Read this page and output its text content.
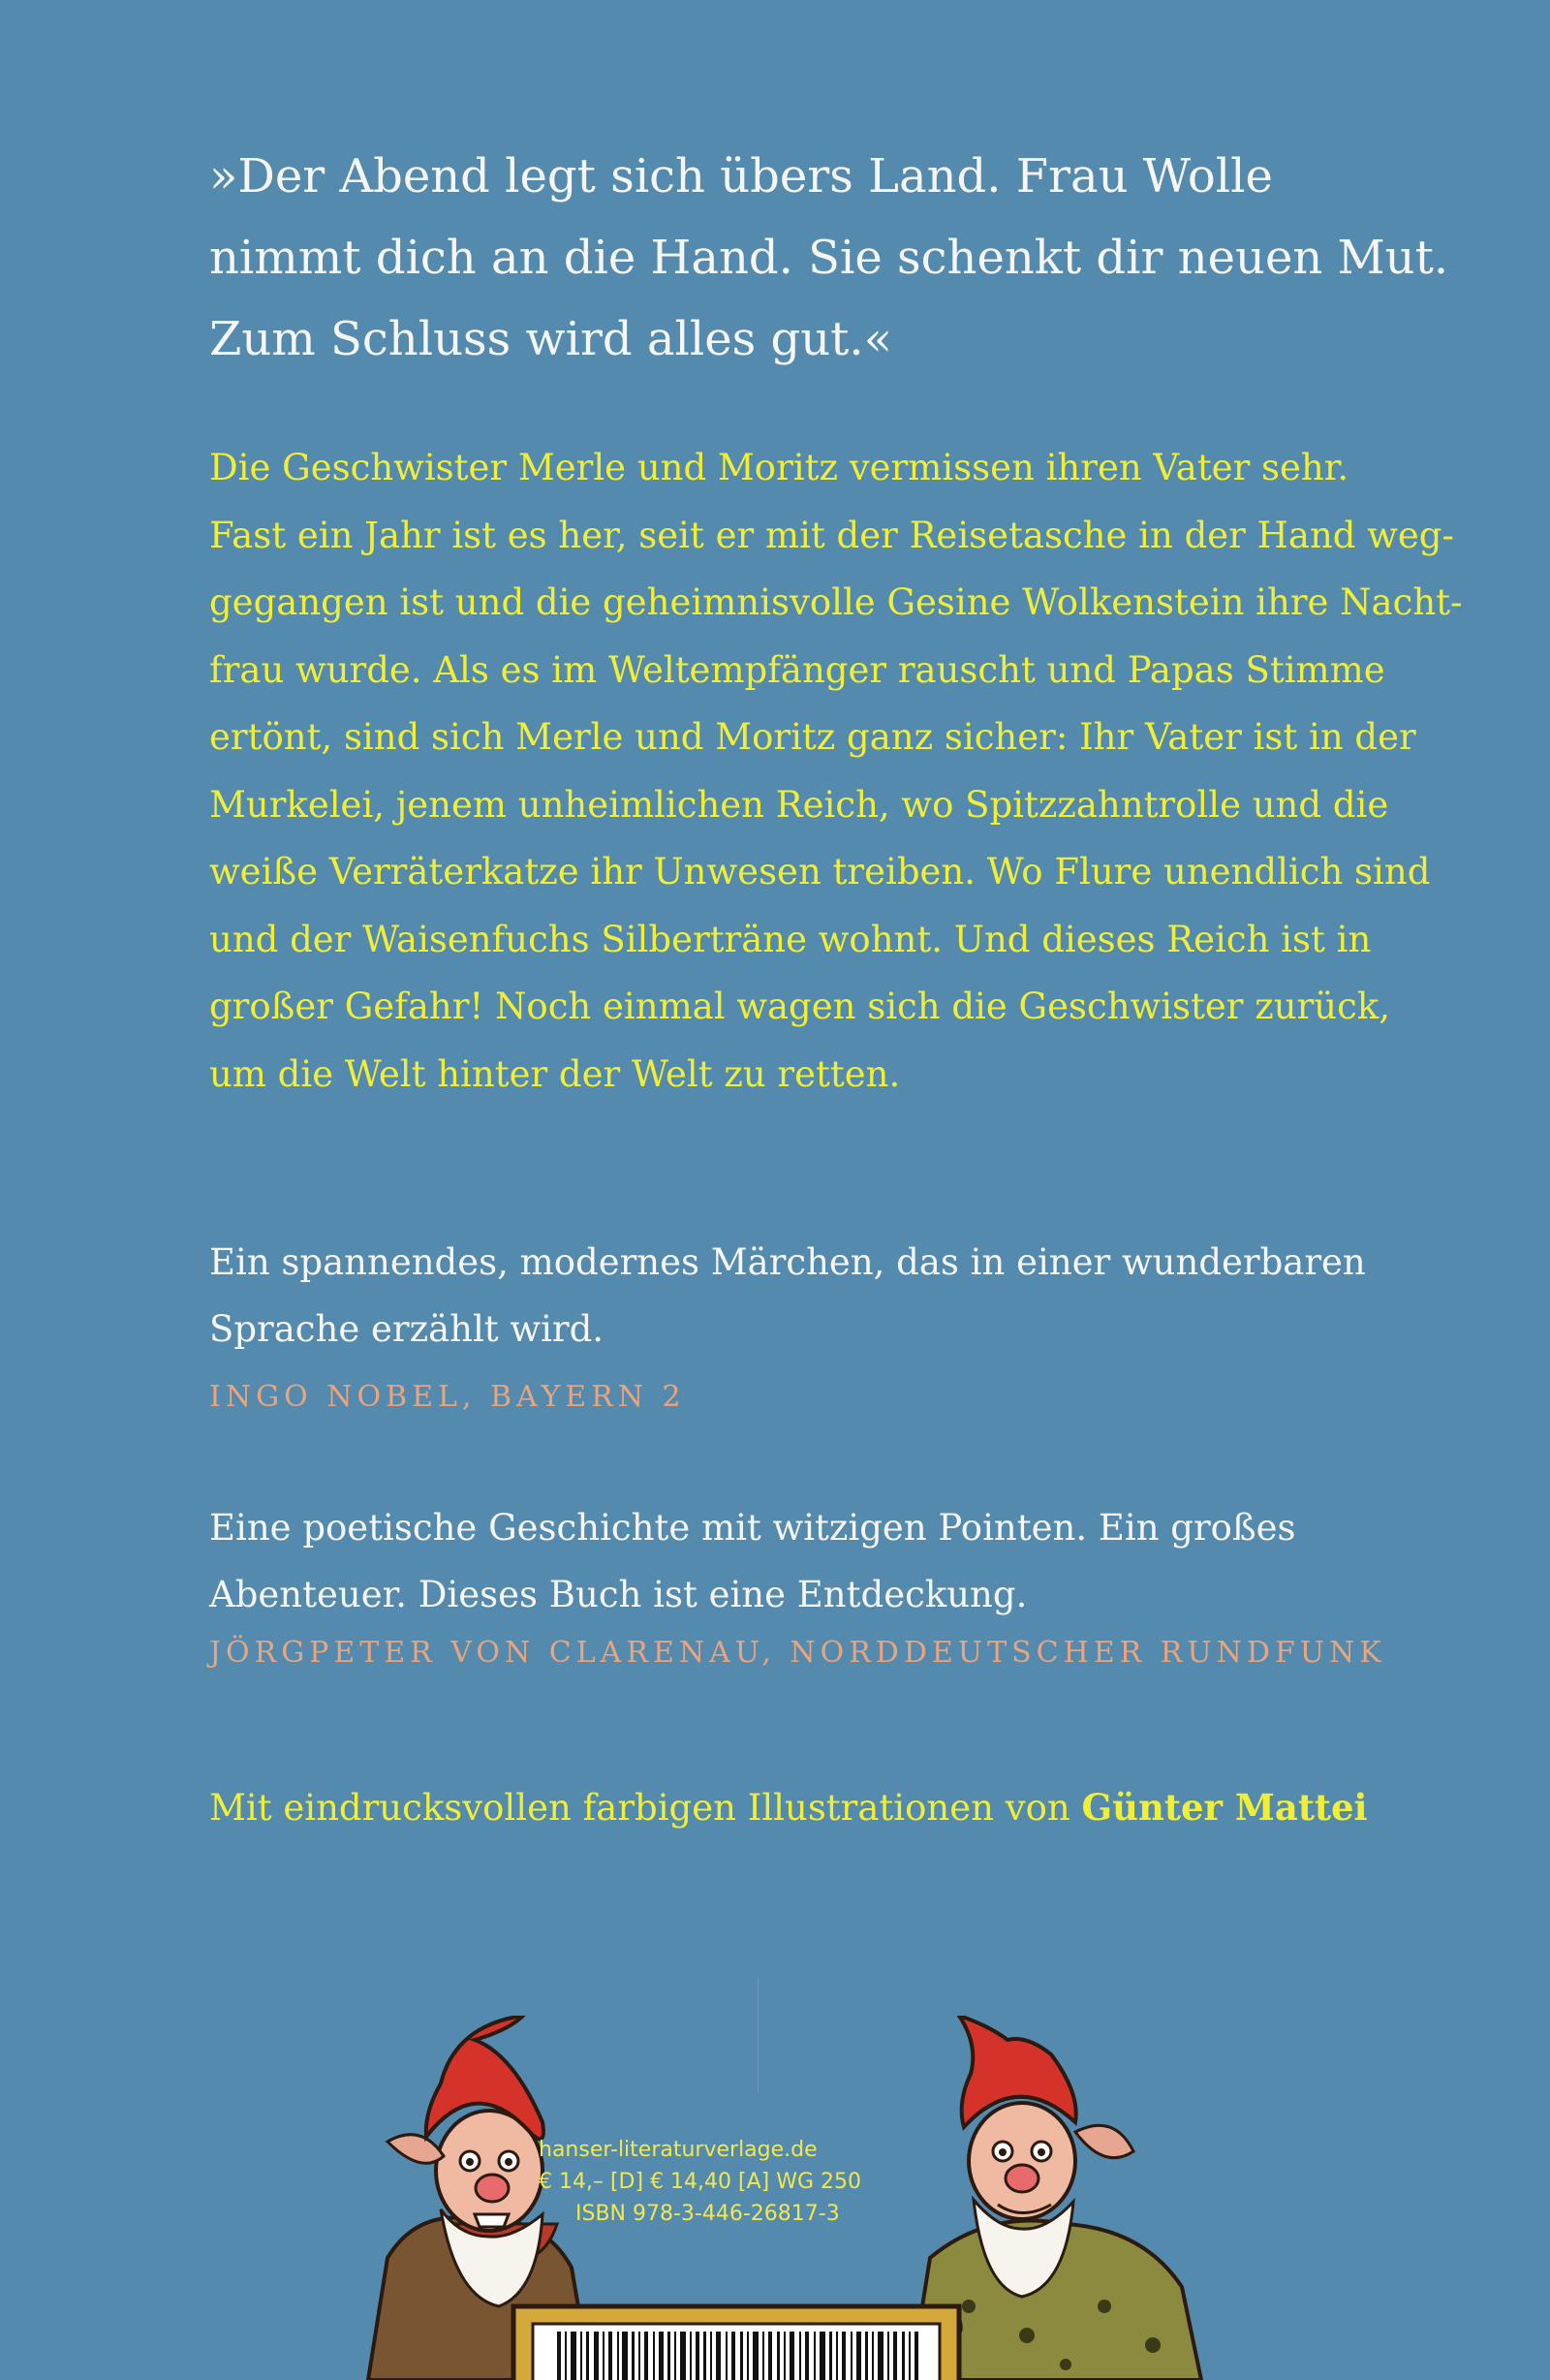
»Der Abend legt sich übers Land. Frau Wolle
nimmt dich an die Hand. Sie schenkt dir neuen Mut.
Zum Schluss wird alles gut.«

Die Geschwister Merle und Moritz vermissen ihren Vater sehr.
Fast ein Jahr ist es her, seit er mit der Reisetasche in der Hand weg-
gegangen ist und die geheimnisvolle Gesine Wolkenstein ihre Nacht-
frau wurde. Als es im Weltempfänger rauscht und Papas Stimme
ertönt, sind sich Merle und Moritz ganz sicher: Ihr Vater ist in der
Murkelei, jenem unheimlichen Reich, wo Spitzzahntrolle und die
weiße Verräterkatze ihr Unwesen treiben. Wo Flure unendlich sind
und der Waisenfuchs Silberträne wohnt. Und dieses Reich ist in
großer Gefahr! Noch einmal wagen sich die Geschwister zurück,
um die Welt hinter der Welt zu retten.

Ein spannendes, modernes Märchen, das in einer wunderbaren
Sprache erzählt wird.

INGO NOBEL, BAYERN 2

Eine poetische Geschichte mit witzigen Pointen. Ein großes
Abenteuer. Dieses Buch ist eine Entdeckung.

JÖRGPETER VON CLARENAU, NORDDEUTSCHER RUNDFUNK
Mit eindrucksvollen farbigen Illustrationen von Günter Mattei
hanser-literaturverlage.de
€ 14,– [D] € 14,40 [A] WG 250
ISBN 978-3-446-26817-3
